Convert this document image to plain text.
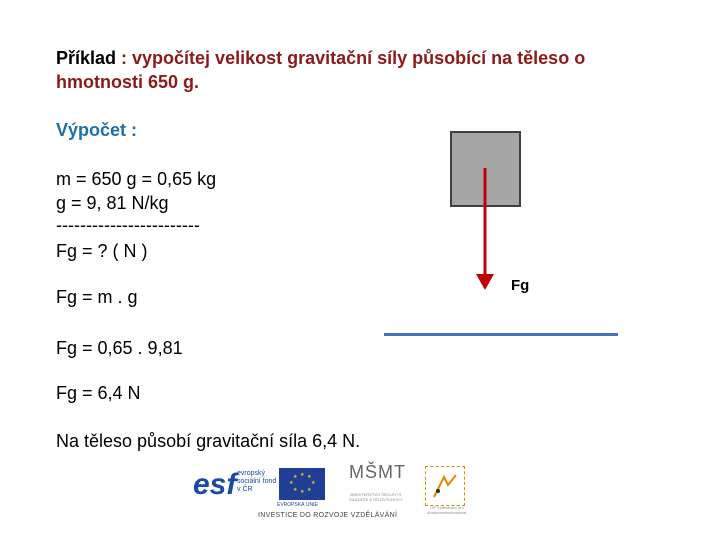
Příklad : vypočítej velikost gravitační síly působící na těleso o hmotnosti 650 g.
Výpočet :
m = 650 g = 0,65 kg
g = 9, 81 N/kg
------------------------
Fg = ? ( N )
Fg = m . g
Fg = 0,65 . 9,81
Fg = 6,4 N
Na těleso působí gravitační síla 6,4 N.
Fg
esf evropský sociální fond v ČR
★ ★
★
★
★
★
★
★
EVROPSKÁ UNIE
MŠMT
MINISTERSTVO ŠKOLSTVÍ, MLÁDEŽE A TĚLOVÝCHOVY
OP Vzdělávání pro konkurenceschopnost
INVESTICE DO ROZVOJE VZDĚLÁVÁNÍ
